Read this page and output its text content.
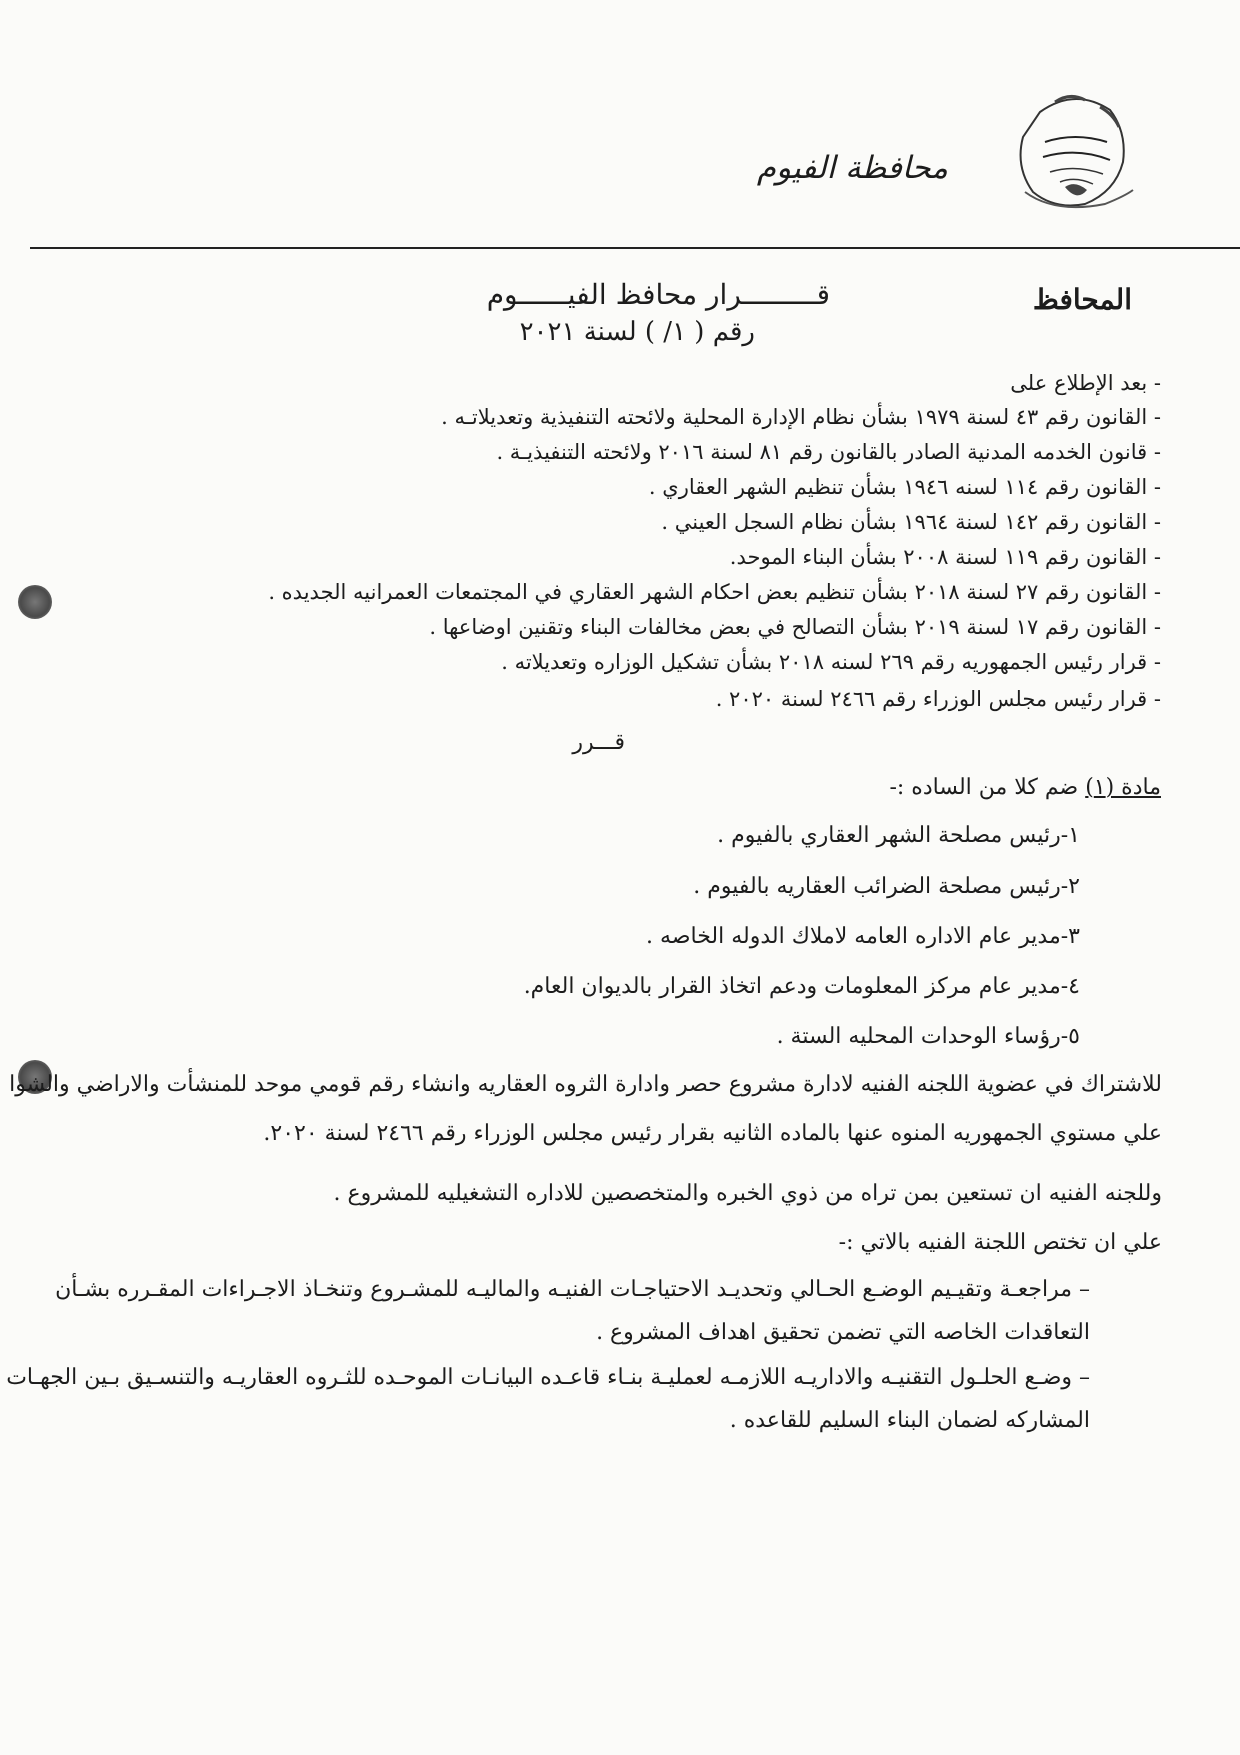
محافظة الفيوم
المحافظ
قـــــــــرار محافظ الفيــــــوم
رقم ( ١/ ) لسنة ٢٠٢١
- بعد الإطلاع على
- القانون رقم ٤٣ لسنة ١٩٧٩ بشأن نظام الإدارة المحلية ولائحته التنفيذية وتعديلاتـه .
- قانون الخدمه المدنية الصادر بالقانون رقم ٨١ لسنة ٢٠١٦ ولائحته التنفيذيـة .
- القانون رقم ١١٤ لسنه ١٩٤٦ بشأن تنظيم الشهر العقاري .
- القانون رقم ١٤٢ لسنة ١٩٦٤ بشأن نظام السجل العيني .
- القانون رقم ١١٩ لسنة ٢٠٠٨ بشأن البناء الموحد.
- القانون رقم ٢٧ لسنة ٢٠١٨ بشأن تنظيم بعض احكام الشهر العقاري في المجتمعات العمرانيه الجديده .
- القانون رقم ١٧ لسنة ٢٠١٩ بشأن التصالح في بعض مخالفات البناء وتقنين اوضاعها .
- قرار رئيس الجمهوريه رقم ٢٦٩ لسنه ٢٠١٨ بشأن تشكيل الوزاره وتعديلاته .
- قرار رئيس مجلس الوزراء رقم ٢٤٦٦ لسنة ٢٠٢٠ .
قـــرر
مادة (١) ضم كلا من الساده :-
١-رئيس مصلحة الشهر العقاري بالفيوم .
٢-رئيس مصلحة الضرائب العقاريه بالفيوم .
٣-مدير عام الاداره العامه لاملاك الدوله الخاصه .
٤-مدير عام مركز المعلومات ودعم اتخاذ القرار بالديوان العام.
٥-رؤساء الوحدات المحليه الستة .
للاشتراك في عضوية اللجنه الفنيه لادارة مشروع حصر وادارة الثروه العقاريه وانشاء رقم قومي موحد للمنشأت والاراضي والشوا
علي مستوي الجمهوريه المنوه عنها بالماده الثانيه بقرار رئيس مجلس الوزراء رقم ٢٤٦٦ لسنة ٢٠٢٠.
وللجنه الفنيه ان تستعين بمن تراه من ذوي الخبره والمتخصصين للاداره التشغيليه للمشروع .
علي ان تختص اللجنة الفنيه بالاتي :-
– مراجعـة وتقيـيم الوضـع الحـالي وتحديـد الاحتياجـات الفنيـه والماليـه للمشـروع وتنخـاذ الاجـراءات المقـرره بشـأن
التعاقدات الخاصه التي تضمن تحقيق اهداف المشروع .
– وضـع الحلـول التقنيـه والاداريـه اللازمـه لعمليـة بنـاء قاعـده البيانـات الموحـده للثـروه العقاريـه والتنسـيق بـين الجهـات
المشاركه لضمان البناء السليم للقاعده .
